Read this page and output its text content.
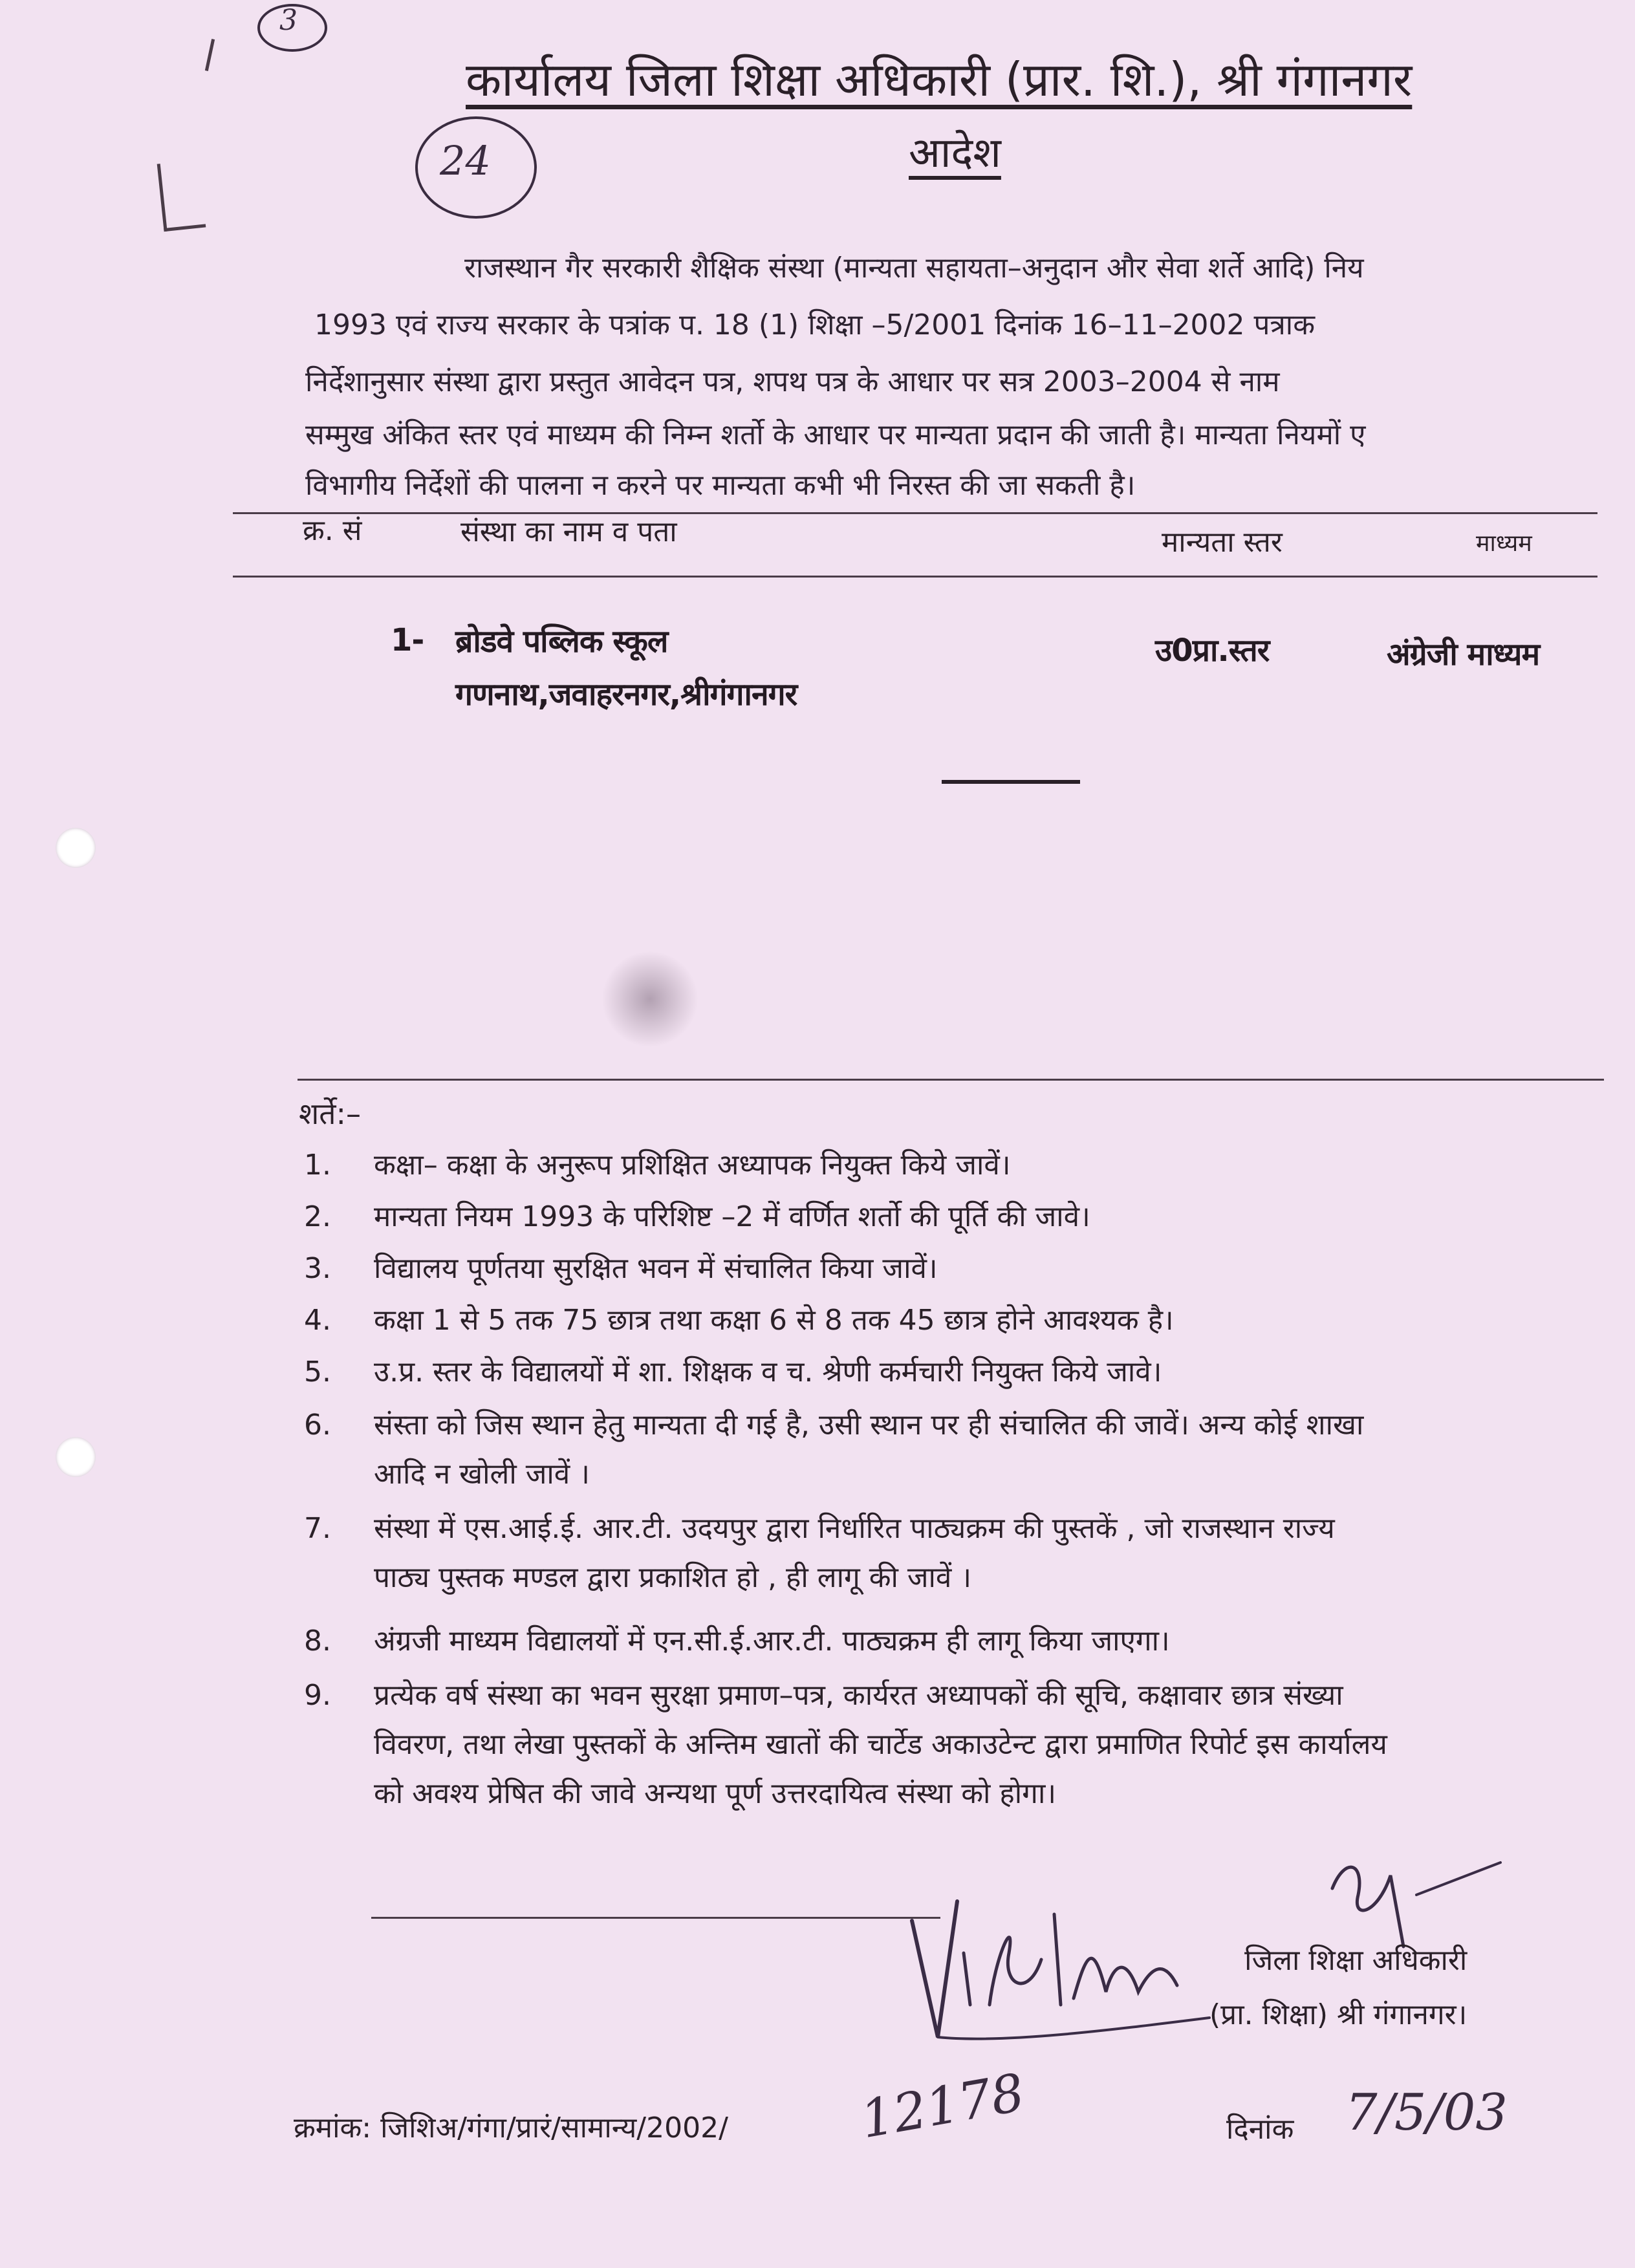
3
कार्यालय जिला शिक्षा अधिकारी (प्रार. शि.), श्री गंगानगर
24	आदेश
राजस्थान गैर सरकारी शैक्षिक संस्था (मान्यता सहायता–अनुदान और सेवा शर्ते आदि) निय
1993 एवं राज्य सरकार के पत्रांक प. 18 (1) शिक्षा –5/2001 दिनांक 16–11–2002 पत्राक
निर्देशानुसार संस्था द्वारा प्रस्तुत आवेदन पत्र, शपथ पत्र के आधार पर सत्र 2003–2004 से नाम
सम्मुख अंकित स्तर एवं माध्यम की निम्न शर्तो के आधार पर मान्यता प्रदान की जाती है। मान्यता नियमों ए
विभागीय निर्देशों की पालना न करने पर मान्यता कभी भी निरस्त की जा सकती है।
क्र. सं	संस्था का नाम व पता	मान्यता स्तर	माध्यम
1- ब्रोडवे पब्लिक स्कूल
गणनाथ,जवाहरनगर,श्रीगंगानगर
उ0प्रा.स्तर	अंग्रेजी माध्यम
शर्ते:–
1.	कक्षा– कक्षा के अनुरूप प्रशिक्षित अध्यापक नियुक्त किये जावें।
2.	मान्यता नियम 1993 के परिशिष्ट –2 में वर्णित शर्तो की पूर्ति की जावे।
3.	विद्यालय पूर्णतया सुरक्षित भवन में संचालित किया जावें।
4.	कक्षा 1 से 5 तक 75 छात्र तथा कक्षा 6 से 8 तक 45 छात्र होने आवश्यक है।
5.	उ.प्र. स्तर के विद्यालयों में शा. शिक्षक व च. श्रेणी कर्मचारी नियुक्त किये जावे।
6.	संस्ता को जिस स्थान हेतु मान्यता दी गई है, उसी स्थान पर ही संचालित की जावें। अन्य कोई शाखा
आदि न खोली जावें ।
7.	संस्था में एस.आई.ई. आर.टी. उदयपुर द्वारा निर्धारित पाठ्यक्रम की पुस्तकें , जो राजस्थान राज्य
पाठ्य पुस्तक मण्डल द्वारा प्रकाशित हो , ही लागू की जावें ।
8.	अंग्रजी माध्यम विद्यालयों में एन.सी.ई.आर.टी. पाठ्यक्रम ही लागू किया जाएगा।
9.	प्रत्येक वर्ष संस्था का भवन सुरक्षा प्रमाण–पत्र, कार्यरत अध्यापकों की सूचि, कक्षावार छात्र संख्या
विवरण, तथा लेखा पुस्तकों के अन्तिम खातों की चार्टेड अकाउटेन्ट द्वारा प्रमाणित रिपोर्ट इस कार्यालय
को अवश्य प्रेषित की जावे अन्यथा पूर्ण उत्तरदायित्व संस्था को होगा।
जिला शिक्षा अधिकारी
(प्रा. शिक्षा) श्री गंगानगर।
क्रमांक: जिशिअ/गंगा/प्रारं/सामान्य/2002/ 12178	दिनांक 7/5/03
